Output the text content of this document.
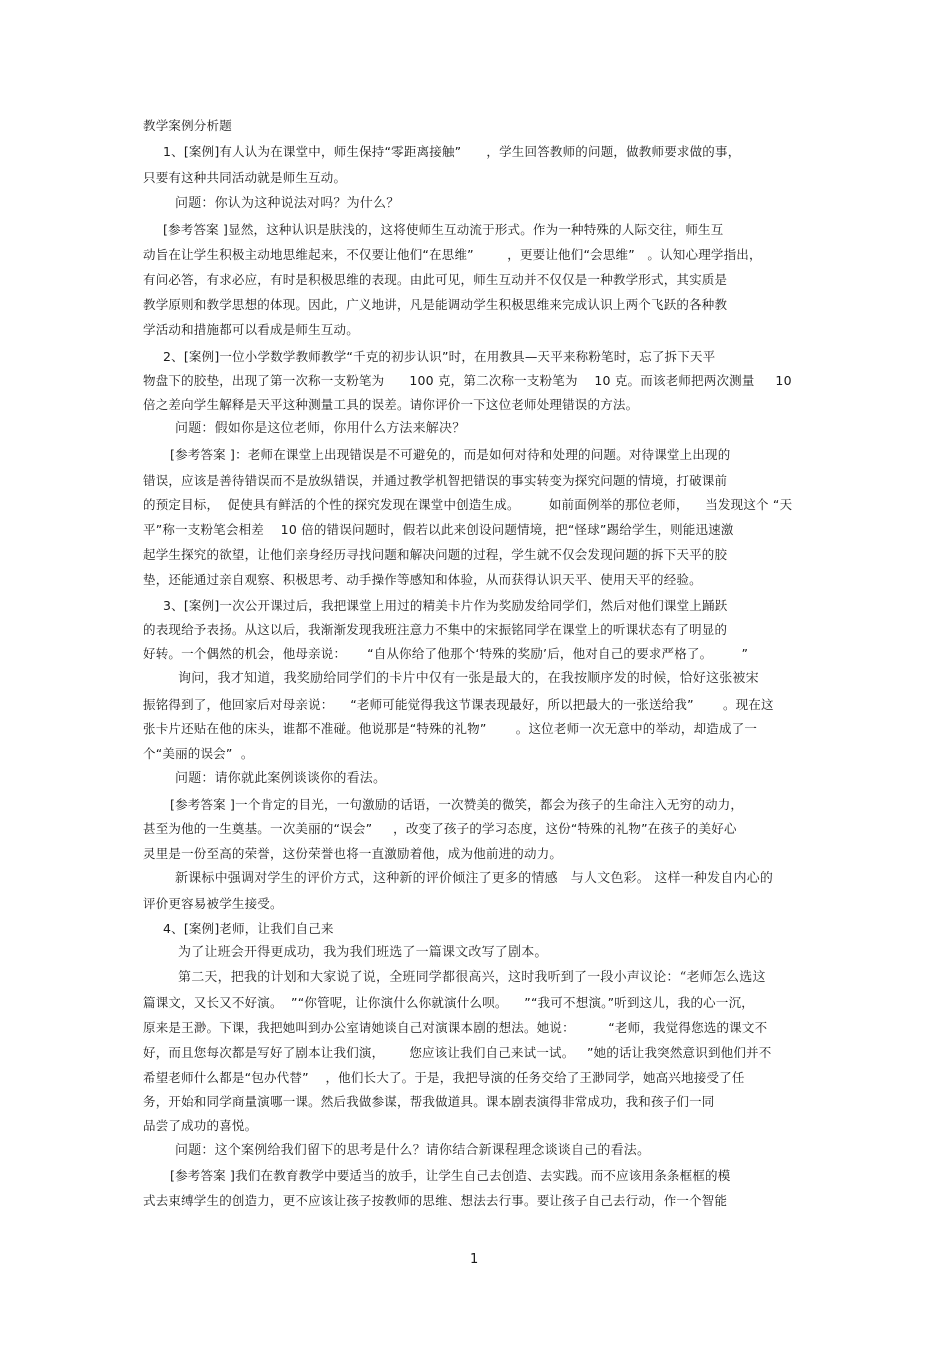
教学案例分析题
1、[案例]有人认为在课堂中，师生保持“零距离接触”      ，学生回答教师的问题，做教师要求做的事，
只要有这种共同活动就是师生互动。
问题：你认为这种说法对吗？为什么？
[参考答案 ]显然，这种认识是肤浅的，这将使师生互动流于形式。作为一种特殊的人际交往，师生互
动旨在让学生积极主动地思维起来，不仅要让他们“在思维”        ，更要让他们“会思维”   。认知心理学指出，
有问必答，有求必应，有时是积极思维的表现。由此可见，师生互动并不仅仅是一种教学形式，其实质是
教学原则和教学思想的体现。因此，广义地讲，凡是能调动学生积极思维来完成认识上两个飞跃的各种教
学活动和措施都可以看成是师生互动。
2、[案例]一位小学数学教师教学“千克的初步认识”时，在用教具—天平来称粉笔时，忘了拆下天平
物盘下的胶垫，出现了第一次称一支粉笔为      100 克，第二次称一支粉笔为    10 克。而该老师把两次测量     10
倍之差向学生解释是天平这种测量工具的误差。请你评价一下这位老师处理错误的方法。
问题：假如你是这位老师，你用什么方法来解决？
[参考答案 ]：老师在课堂上出现错误是不可避免的，而是如何对待和处理的问题。对待课堂上出现的
错误，应该是善待错误而不是放纵错误，并通过教学机智把错误的事实转变为探究问题的情境，打破课前
的预定目标，  促使具有鲜活的个性的探究发现在课堂中创造生成。       如前面例举的那位老师，    当发现这个 “天
平”称一支粉笔会相差    10 倍的错误问题时，假若以此来创设问题情境，把“怪球”踢给学生，则能迅速激
起学生探究的欲望，让他们亲身经历寻找问题和解决问题的过程，学生就不仅会发现问题的拆下天平的胶
垫，还能通过亲自观察、积极思考、动手操作等感知和体验，从而获得认识天平、使用天平的经验。
3、[案例]一次公开课过后，我把课堂上用过的精美卡片作为奖励发给同学们，然后对他们课堂上踊跃
的表现给予表扬。从这以后，我渐渐发现我班注意力不集中的宋振铭同学在课堂上的听课状态有了明显的
好转。一个偶然的机会，他母亲说：     “自从你给了他那个‘特殊的奖励’后，他对自己的要求严格了。       ”
询问，我才知道，我奖励给同学们的卡片中仅有一张是最大的，在我按顺序发的时候，恰好这张被宋
振铭得到了，他回家后对母亲说：    “老师可能觉得我这节课表现最好，所以把最大的一张送给我”       。现在这
张卡片还贴在他的床头，谁都不准碰。他说那是“特殊的礼物”       。这位老师一次无意中的举动，却造成了一
个“美丽的误会”  。
问题：请你就此案例谈谈你的看法。
[参考答案 ]一个肯定的目光，一句激励的话语，一次赞美的微笑，都会为孩子的生命注入无穷的动力，
甚至为他的一生奠基。一次美丽的“误会”     ，改变了孩子的学习态度，这份“特殊的礼物”在孩子的美好心
灵里是一份至高的荣誉，这份荣誉也将一直激励着他，成为他前进的动力。
新课标中强调对学生的评价方式，这种新的评价倾注了更多的情感   与人文色彩。 这样一种发自内心的
评价更容易被学生接受。
4、[案例]老师，让我们自己来
为了让班会开得更成功，我为我们班选了一篇课文改写了剧本。
第二天，把我的计划和大家说了说，全班同学都很高兴，这时我听到了一段小声议论：“老师怎么选这
篇课文，又长又不好演。  ”“你管呢，让你演什么你就演什么呗。    ”“我可不想演。”听到这儿，我的心一沉，
原来是王渺。下课，我把她叫到办公室请她谈自己对演课本剧的想法。她说：        “老师，我觉得您选的课文不
好，而且您每次都是写好了剧本让我们演，      您应该让我们自己来试一试。   ”她的话让我突然意识到他们并不
希望老师什么都是“包办代替”    ，他们长大了。于是，我把导演的任务交给了王渺同学，她高兴地接受了任
务，开始和同学商量演哪一课。然后我做参谋，帮我做道具。课本剧表演得非常成功，我和孩子们一同
品尝了成功的喜悦。
问题：这个案例给我们留下的思考是什么？请你结合新课程理念谈谈自己的看法。
[参考答案 ]我们在教育教学中要适当的放手，让学生自己去创造、去实践。而不应该用条条框框的模
式去束缚学生的创造力，更不应该让孩子按教师的思维、想法去行事。要让孩子自己去行动，作一个智能
1
